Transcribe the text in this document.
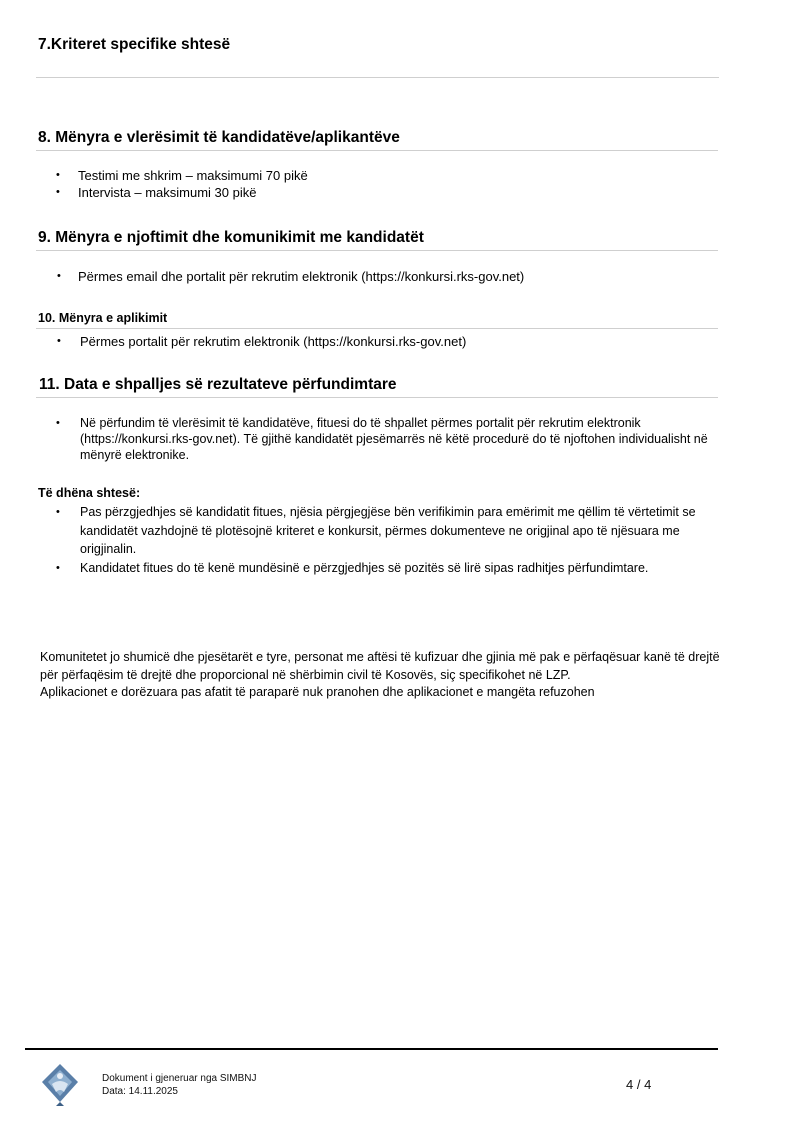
7.Kriteret specifike shtesë
8. Mënyra e vlerësimit të kandidatëve/aplikantëve
• Testimi me shkrim – maksimumi 70 pikë
• Intervista – maksimumi 30 pikë
9. Mënyra e njoftimit dhe komunikimit me kandidatët
• Përmes email dhe portalit për rekrutim elektronik (https://konkursi.rks-gov.net)
10. Mënyra e aplikimit
• Përmes portalit për rekrutim elektronik (https://konkursi.rks-gov.net)
11. Data e shpalljes së rezultateve përfundimtare
• Në përfundim të vlerësimit të kandidatëve, fituesi do të shpallet përmes portalit për rekrutim elektronik (https://konkursi.rks-gov.net). Të gjithë kandidatët pjesëmarrës në këtë procedurë do të njoftohen individualisht në mënyrë elektronike.
Të dhëna shtesë:
• Pas përzgjedhjes së kandidatit fitues, njësia përgjegjëse bën verifikimin para emërimit me qëllim të vërtetimit se kandidatët vazhdojnë të plotësojnë kriteret e konkursit, përmes dokumenteve ne origjinal apo të njësuara me origjinalin.
• Kandidatet fitues do të kenë mundësinë e përzgjedhjes së pozitës së lirë sipas radhitjes përfundimtare.
Komunitetet jo shumicë dhe pjesëtarët e tyre, personat me aftësi të kufizuar dhe gjinia më pak e përfaqësuar kanë të drejtë për përfaqësim të drejtë dhe proporcional në shërbimin civil të Kosovës, siç specifikohet në LZP.
Aplikacionet e dorëzuara pas afatit të paraparë nuk pranohen dhe aplikacionet e mangëta refuzohen
Dokument i gjeneruar nga SIMBNJ
Data: 14.11.2025	4 / 4
